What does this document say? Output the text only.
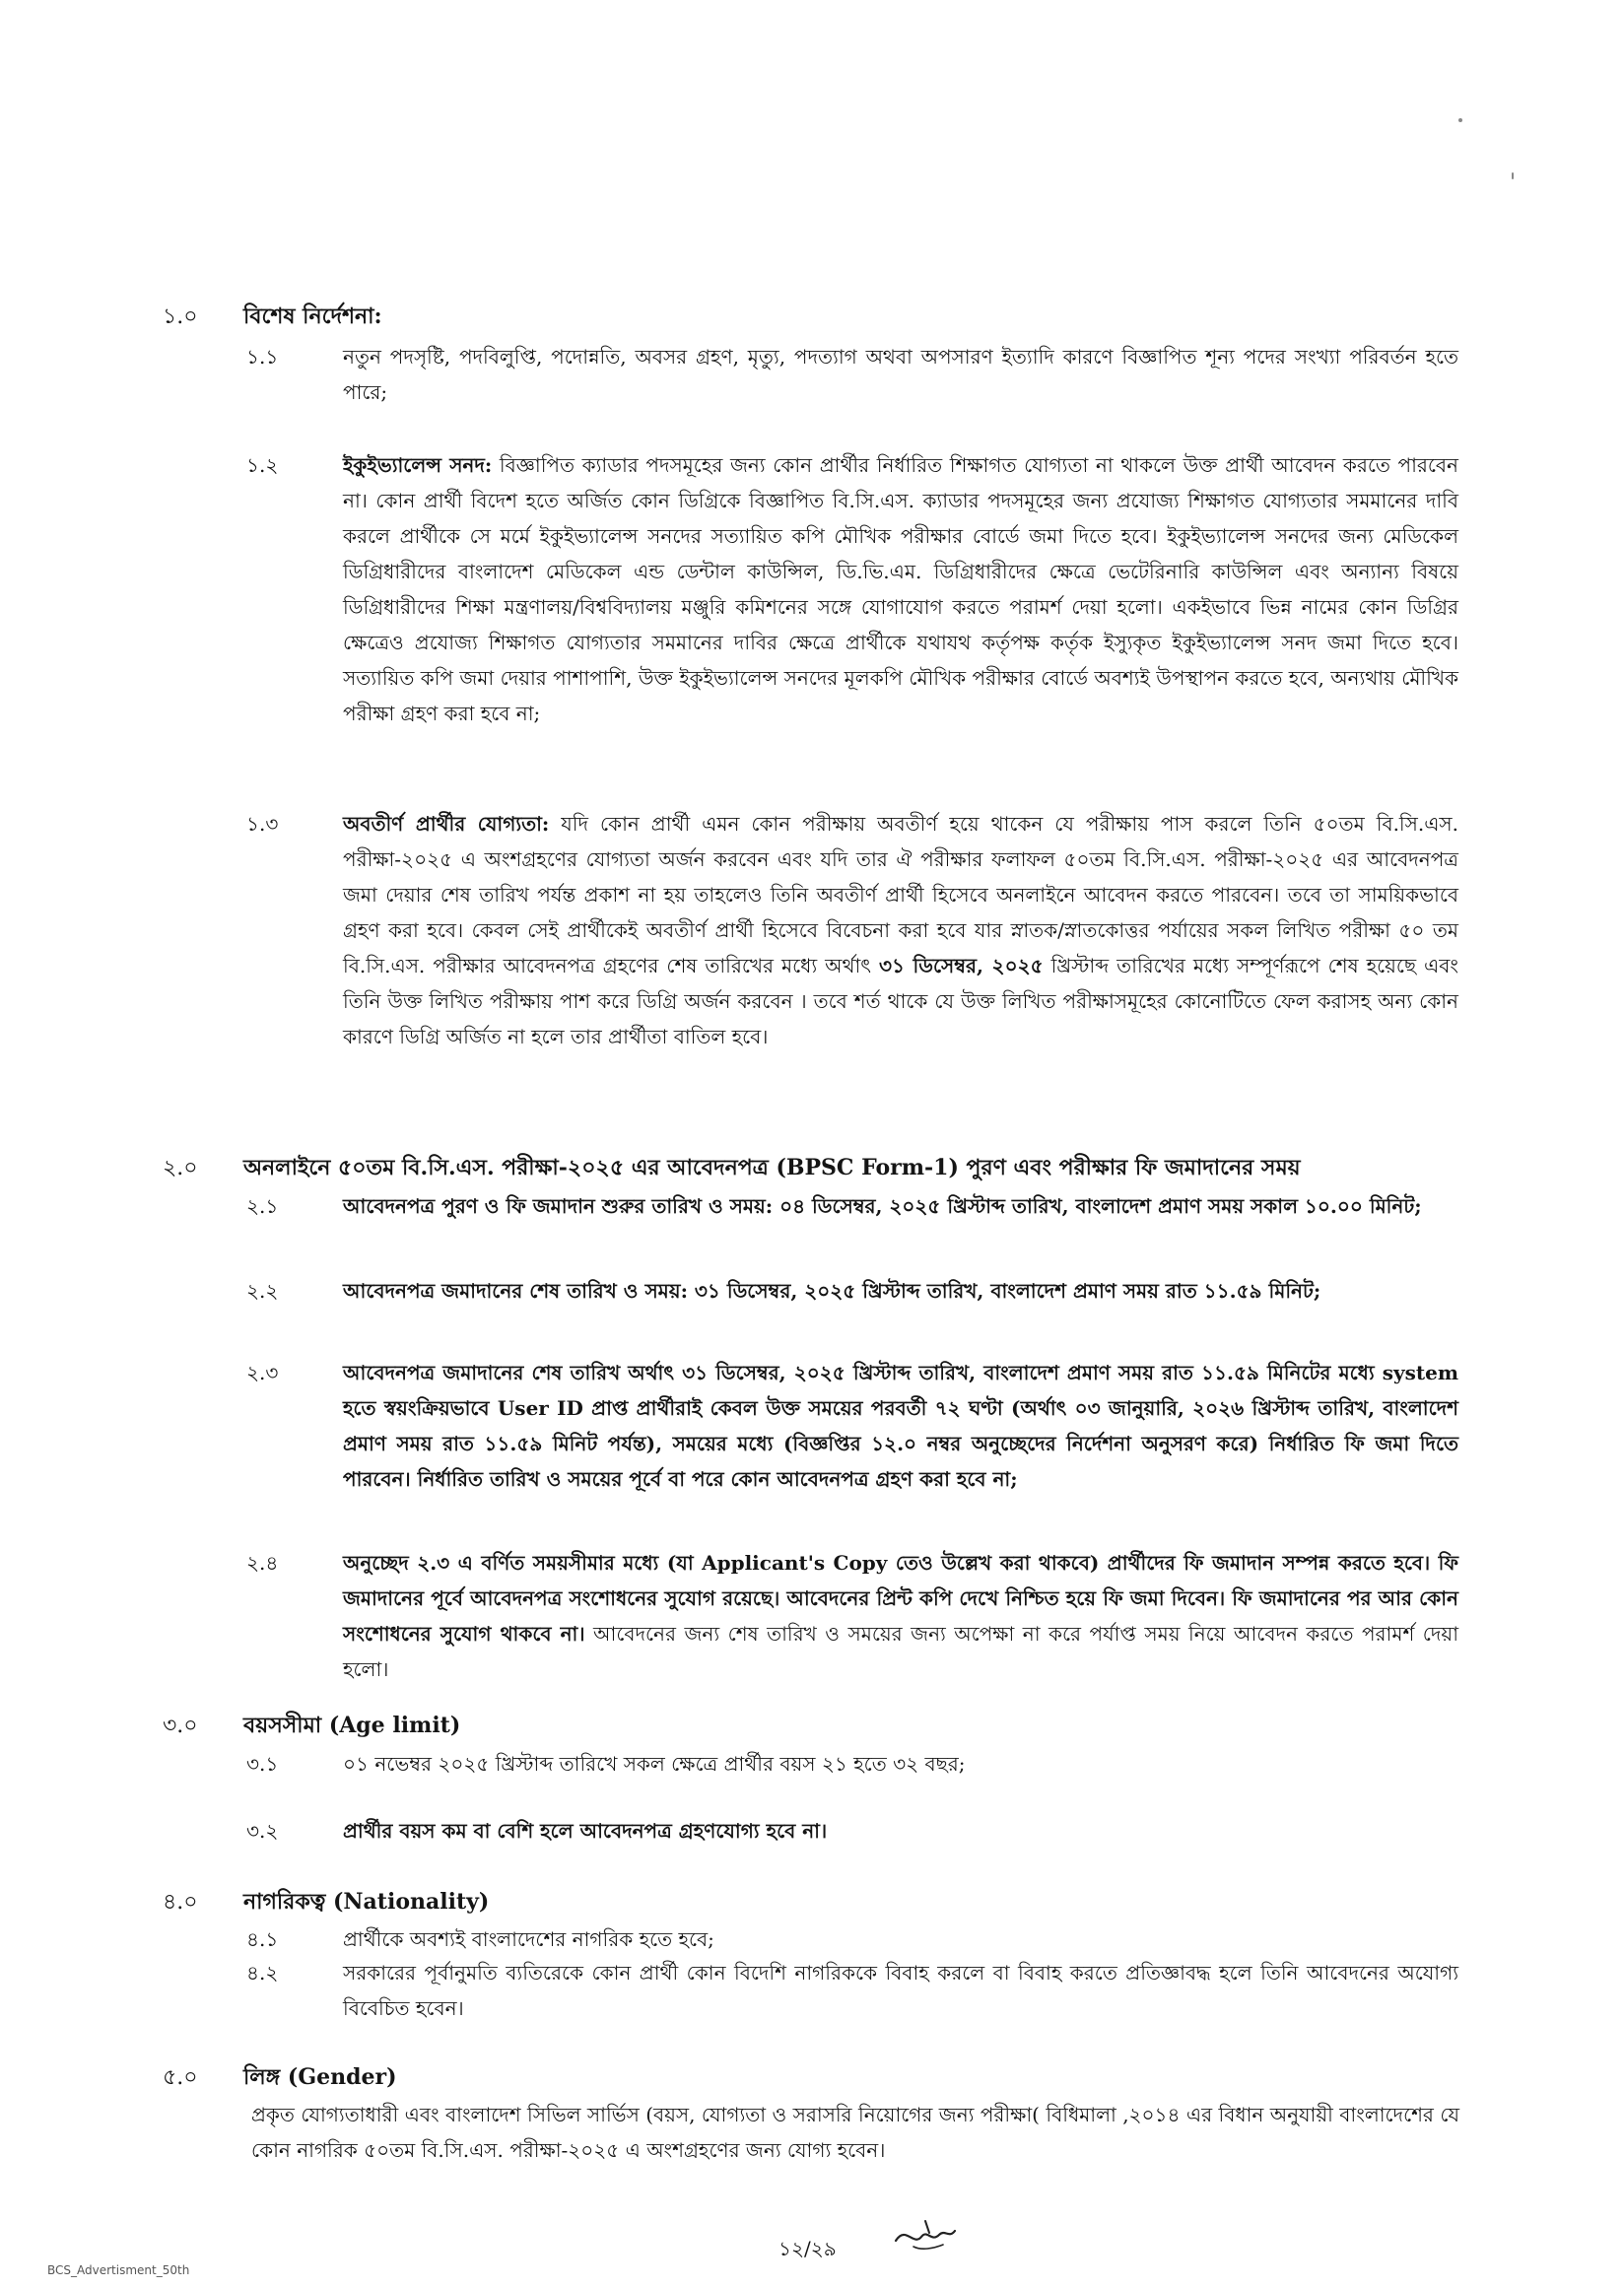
১.০ বিশেষ নির্দেশনা:
১.১	নতুন পদসৃষ্টি, পদবিলুপ্তি, পদোন্নতি, অবসর গ্রহণ, মৃত্যু, পদত্যাগ অথবা অপসারণ ইত্যাদি কারণে বিজ্ঞাপিত শূন্য পদের সংখ্যা পরিবর্তন হতে পারে;

১.২	ইকুইভ্যালেন্স সনদ: বিজ্ঞাপিত ক্যাডার পদসমূহের জন্য কোন প্রার্থীর নির্ধারিত শিক্ষাগত যোগ্যতা না থাকলে উক্ত প্রার্থী আবেদন করতে পারবেন না। কোন প্রার্থী বিদেশ হতে অর্জিত কোন ডিগ্রিকে বিজ্ঞাপিত বি.সি.এস. ক্যাডার পদসমূহের জন্য প্রযোজ্য শিক্ষাগত যোগ্যতার সমমানের দাবি করলে প্রার্থীকে সে মর্মে ইকুইভ্যালেন্স সনদের সত্যায়িত কপি মৌখিক পরীক্ষার বোর্ডে জমা দিতে হবে। ইকুইভ্যালেন্স সনদের জন্য মেডিকেল ডিগ্রিধারীদের বাংলাদেশ মেডিকেল এন্ড ডেন্টাল কাউন্সিল, ডি.ভি.এম. ডিগ্রিধারীদের ক্ষেত্রে ভেটেরিনারি কাউন্সিল এবং অন্যান্য বিষয়ে ডিগ্রিধারীদের শিক্ষা মন্ত্রণালয়/বিশ্ববিদ্যালয় মঞ্জুরি কমিশনের সঙ্গে যোগাযোগ করতে পরামর্শ দেয়া হলো। একইভাবে ভিন্ন নামের কোন ডিগ্রির ক্ষেত্রেও প্রযোজ্য শিক্ষাগত যোগ্যতার সমমানের দাবির ক্ষেত্রে প্রার্থীকে যথাযথ কর্তৃপক্ষ কর্তৃক ইস্যুকৃত ইকুইভ্যালেন্স সনদ জমা দিতে হবে। সত্যায়িত কপি জমা দেয়ার পাশাপাশি, উক্ত ইকুইভ্যালেন্স সনদের মূলকপি মৌখিক পরীক্ষার বোর্ডে অবশ্যই উপস্থাপন করতে হবে, অন্যথায় মৌখিক পরীক্ষা গ্রহণ করা হবে না;

১.৩	অবতীর্ণ প্রার্থীর যোগ্যতা: যদি কোন প্রার্থী এমন কোন পরীক্ষায় অবতীর্ণ হয়ে থাকেন যে পরীক্ষায় পাস করলে তিনি ৫০তম বি.সি.এস. পরীক্ষা-২০২৫ এ অংশগ্রহণের যোগ্যতা অর্জন করবেন এবং যদি তার ঐ পরীক্ষার ফলাফল ৫০তম বি.সি.এস. পরীক্ষা-২০২৫ এর আবেদনপত্র জমা দেয়ার শেষ তারিখ পর্যন্ত প্রকাশ না হয় তাহলেও তিনি অবতীর্ণ প্রার্থী হিসেবে অনলাইনে আবেদন করতে পারবেন। তবে তা সাময়িকভাবে গ্রহণ করা হবে। কেবল সেই প্রার্থীকেই অবতীর্ণ প্রার্থী হিসেবে বিবেচনা করা হবে যার স্নাতক/স্নাতকোত্তর পর্যায়ের সকল লিখিত পরীক্ষা ৫০ তম বি.সি.এস. পরীক্ষার আবেদনপত্র গ্রহণের শেষ তারিখের মধ্যে অর্থাৎ ৩১ ডিসেম্বর, ২০২৫ খ্রিস্টাব্দ তারিখের মধ্যে সম্পূর্ণরূপে শেষ হয়েছে এবং তিনি উক্ত লিখিত পরীক্ষায় পাশ করে ডিগ্রি অর্জন করবেন । তবে শর্ত থাকে যে উক্ত লিখিত পরীক্ষাসমূহের কোনোটিতে ফেল করাসহ অন্য কোন কারণে ডিগ্রি অর্জিত না হলে তার প্রার্থীতা বাতিল হবে।

২.০ অনলাইনে ৫০তম বি.সি.এস. পরীক্ষা-২০২৫ এর আবেদনপত্র (BPSC Form-1) পুরণ এবং পরীক্ষার ফি জমাদানের সময়
২.১	আবেদনপত্র পুরণ ও ফি জমাদান শুরুর তারিখ ও সময়: ০৪ ডিসেম্বর, ২০২৫ খ্রিস্টাব্দ তারিখ, বাংলাদেশ প্রমাণ সময় সকাল ১০.০০ মিনিট;

২.২	আবেদনপত্র জমাদানের শেষ তারিখ ও সময়: ৩১ ডিসেম্বর, ২০২৫ খ্রিস্টাব্দ তারিখ, বাংলাদেশ প্রমাণ সময় রাত ১১.৫৯ মিনিট;

২.৩	আবেদনপত্র জমাদানের শেষ তারিখ অর্থাৎ ৩১ ডিসেম্বর, ২০২৫ খ্রিস্টাব্দ তারিখ, বাংলাদেশ প্রমাণ সময় রাত ১১.৫৯ মিনিটের মধ্যে system হতে স্বয়ংক্রিয়ভাবে User ID প্রাপ্ত প্রার্থীরাই কেবল উক্ত সময়ের পরবর্তী ৭২ ঘণ্টা (অর্থাৎ ০৩ জানুয়ারি, ২০২৬ খ্রিস্টাব্দ তারিখ, বাংলাদেশ প্রমাণ সময় রাত ১১.৫৯ মিনিট পর্যন্ত), সময়ের মধ্যে (বিজ্ঞপ্তির ১২.০ নম্বর অনুচ্ছেদের নির্দেশনা অনুসরণ করে) নির্ধারিত ফি জমা দিতে পারবেন। নির্ধারিত তারিখ ও সময়ের পূর্বে বা পরে কোন আবেদনপত্র গ্রহণ করা হবে না;

২.৪	অনুচ্ছেদ ২.৩ এ বর্ণিত সময়সীমার মধ্যে (যা Applicant's Copy তেও উল্লেখ করা থাকবে) প্রার্থীদের ফি জমাদান সম্পন্ন করতে হবে। ফি জমাদানের পূর্বে আবেদনপত্র সংশোধনের সুযোগ রয়েছে। আবেদনের প্রিন্ট কপি দেখে নিশ্চিত হয়ে ফি জমা দিবেন। ফি জমাদানের পর আর কোন সংশোধনের সুযোগ থাকবে না। আবেদনের জন্য শেষ তারিখ ও সময়ের জন্য অপেক্ষা না করে পর্যাপ্ত সময় নিয়ে আবেদন করতে পরামর্শ দেয়া হলো।

৩.০ বয়সসীমা (Age limit)
৩.১	০১ নভেম্বর ২০২৫ খ্রিস্টাব্দ তারিখে সকল ক্ষেত্রে প্রার্থীর বয়স ২১ হতে ৩২ বছর;

৩.২	প্রার্থীর বয়স কম বা বেশি হলে আবেদনপত্র গ্রহণযোগ্য হবে না।

৪.০ নাগরিকত্ব (Nationality)
৪.১	প্রার্থীকে অবশ্যই বাংলাদেশের নাগরিক হতে হবে;

৪.২	সরকারের পূর্বানুমতি ব্যতিরেকে কোন প্রার্থী কোন বিদেশি নাগরিককে বিবাহ করলে বা বিবাহ করতে প্রতিজ্ঞাবদ্ধ হলে তিনি আবেদনের অযোগ্য বিবেচিত হবেন।

৫.০ লিঙ্গ (Gender)

প্রকৃত যোগ্যতাধারী এবং বাংলাদেশ সিভিল সার্ভিস (বয়স, যোগ্যতা ও সরাসরি নিয়োগের জন্য পরীক্ষা( বিধিমালা ,২০১৪ এর বিধান অনুযায়ী বাংলাদেশের যে কোন নাগরিক ৫০তম বি.সি.এস. পরীক্ষা-২০২৫ এ অংশগ্রহণের জন্য যোগ্য হবেন।

১২/২৯
BCS_Advertisment_50th
